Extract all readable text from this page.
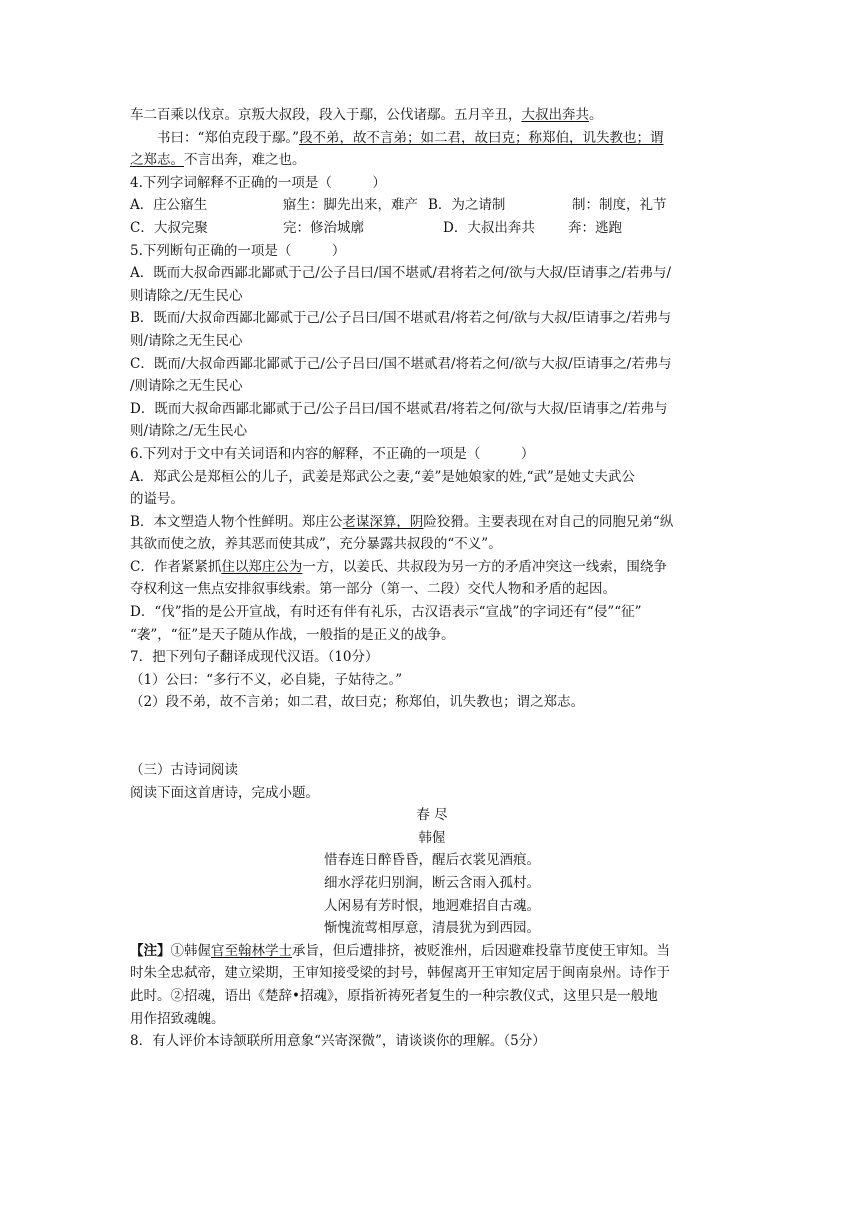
车二百乘以伐京。京叛大叔段，段入于鄢，公伐诸鄢。五月辛丑，大叔出奔共。
书曰：“郑伯克段于鄢。”段不弟，故不言弟；如二君，故曰克；称郑伯，讥失教也；谓
之郑志。不言出奔，难之也。
4.下列字词解释不正确的一项是（　　　）
A．庄公寤生	寤生：脚先出来，难产 B．为之请制	制：制度，礼节
C．大叔完聚	完：修治城廓	D．大叔出奔共 奔：逃跑
5.下列断句正确的一项是（　　　）
A．既而大叔命西鄙北鄙贰于己/公子吕曰/国不堪贰/君将若之何/欲与大叔/臣请事之/若弗与/
则请除之/无生民心
B．既而/大叔命西鄙北鄙贰于己/公子吕曰/国不堪贰君/将若之何/欲与大叔/臣请事之/若弗与
则/请除之无生民心
C．既而/大叔命西鄙北鄙贰于己/公子吕曰/国不堪贰君/将若之何/欲与大叔/臣请事之/若弗与
/则请除之无生民心
D．既而大叔命西鄙北鄙贰于己/公子吕曰/国不堪贰君/将若之何/欲与大叔/臣请事之/若弗与
则/请除之/无生民心
6.下列对于文中有关词语和内容的解释，不正确的一项是（　　　）
A．郑武公是郑桓公的儿子，武姜是郑武公之妻,“姜”是她娘家的姓,“武”是她丈夫武公
的谥号。
B．本文塑造人物个性鲜明。郑庄公老谋深算，阴险狡猾。主要表现在对自己的同胞兄弟“纵
其欲而使之放，养其恶而使其成”，充分暴露共叔段的“不义”。
C．作者紧紧抓住以郑庄公为一方，以姜氏、共叔段为另一方的矛盾冲突这一线索，围绕争
夺权利这一焦点安排叙事线索。第一部分（第一、二段）交代人物和矛盾的起因。
D．“伐”指的是公开宣战，有时还有伴有礼乐，古汉语表示“宣战”的字词还有“侵”“征”
“袭”，“征”是天子随从作战，一般指的是正义的战争。
7．把下列句子翻译成现代汉语。（10分）
（1）公曰：“多行不义，必自毙，子姑待之。”
（2）段不弟，故不言弟；如二君，故曰克；称郑伯，讥失教也；谓之郑志。
（三）古诗词阅读
阅读下面这首唐诗，完成小题。
春 尽
韩偓
惜春连日醉昏昏，醒后衣裳见酒痕。
细水浮花归别涧，断云含雨入孤村。
人闲易有芳时恨，地迥难招自古魂。
惭愧流莺相厚意，清晨犹为到西园。
【注】①韩偓官至翰林学士承旨，但后遭排挤，被贬淮州，后因避难投靠节度使王审知。当
时朱全忠弑帝，建立梁期，王审知接受梁的封号，韩偓离开王审知定居于闽南泉州。诗作于
此时。②招魂，语出《楚辞•招魂》，原指祈祷死者复生的一种宗教仪式，这里只是一般地
用作招致魂魄。
8．有人评价本诗颔联所用意象“兴寄深微”，请谈谈你的理解。（5分）
